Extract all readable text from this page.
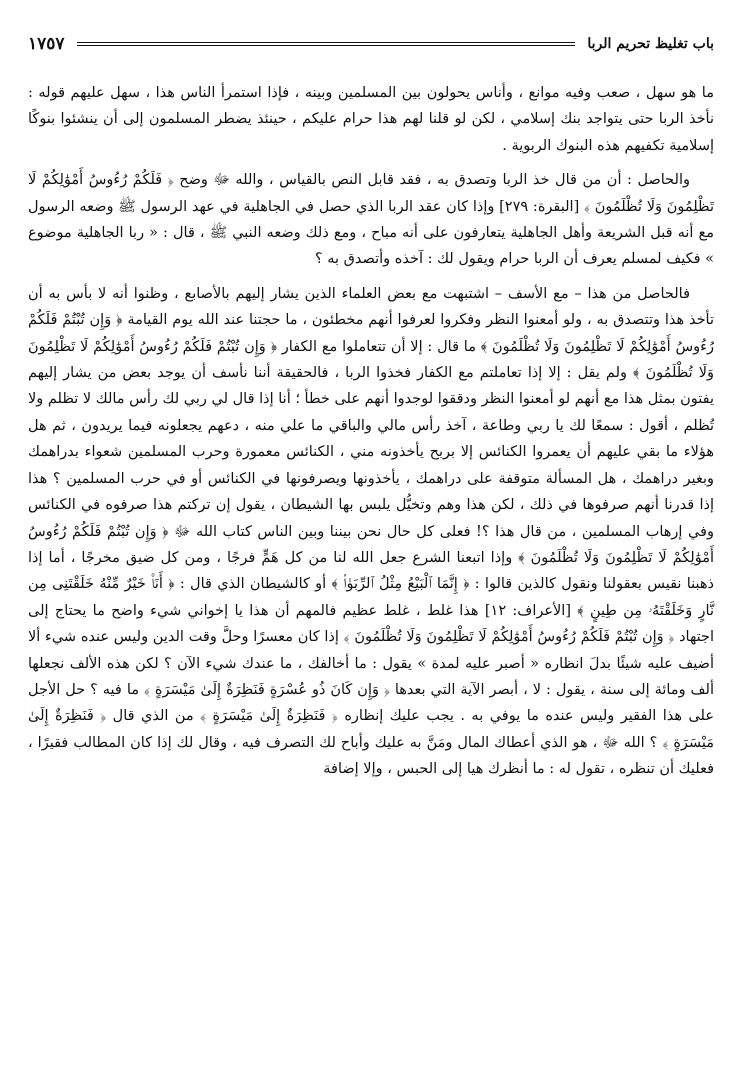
باب تغليظ تحريم الربا
١٧٥٧

ما هو سهل ، صعب وفيه موانع ، وأناس يحولون بين المسلمين وبينه ، فإذا استمرأ الناس هذا ، سهل عليهم قوله : نأخذ الربا حتى يتواجد بنك إسلامي ، لكن لو قلنا لهم هذا حرام عليكم ، حينئذ يضطر المسلمون إلى أن ينشئوا بنوكًا إسلامية تكفيهم هذه البنوك الربوية .

والحاصل : أن من قال خذ الربا وتصدق به ، فقد قابل النص بالقياس ، والله ﷻ وضح ﴿ فَلَكُمْ رُءُوسُ أَمْوَٰلِكُمْ لَا تَظْلِمُونَ وَلَا تُظْلَمُونَ ﴾ [البقرة: ٢٧٩] وإذا كان عقد الربا الذي حصل في الجاهلية في عهد الرسول ﷺ وضعه الرسول مع أنه قبل الشريعة وأهل الجاهلية يتعارفون على أنه مباح ، ومع ذلك وضعه النبي ﷺ ، قال : « ربا الجاهلية موضوع » فكيف لمسلم يعرف أن الربا حرام ويقول لك : آخذه وأتصدق به ؟

فالحاصل من هذا – مع الأسف – اشتبهت مع بعض العلماء الذين يشار إليهم بالأصابع ، وظنوا أنه لا بأس به أن تأخذ هذا وتتصدق به ، ولو أمعنوا النظر وفكروا لعرفوا أنهم مخطئون ، ما حجتنا عند الله يوم القيامة ﴿ وَإِن تُبْتُمْ فَلَكُمْ رُءُوسُ أَمْوَٰلِكُمْ لَا تَظْلِمُونَ وَلَا تُظْلَمُونَ ﴾ ما قال : إلا أن تتعاملوا مع الكفار ﴿ وَإِن تُبْتُمْ فَلَكُمْ رُءُوسُ أَمْوَٰلِكُمْ لَا تَظْلِمُونَ وَلَا تُظْلَمُونَ ﴾ ولم يقل : إلا إذا تعاملتم مع الكفار فخذوا الربا ، فالحقيقة أننا نأسف أن يوجد بعض من يشار إليهم يفتون بمثل هذا مع أنهم لو أمعنوا النظر ودققوا لوجدوا أنهم على خطأ ؛ أنا إذا قال لي ربي لك رأس مالك لا تظلم ولا تُظلم ، أقول : سمعًا لك يا ربي وطاعة ، آخذ رأس مالي والباقي ما علي منه ، دعهم يجعلونه فيما يريدون ، ثم هل هؤلاء ما بقي عليهم أن يعمروا الكنائس إلا بربح يأخذونه مني ، الكنائس معمورة وحرب المسلمين شعواء بدراهمك وبغير دراهمك ، هل المسألة متوقفة على دراهمك ، يأخذونها ويصرفونها في الكنائس أو في حرب المسلمين ؟ هذا إذا قدرنا أنهم صرفوها في ذلك ، لكن هذا وهم وتخيُّل يلبس بها الشيطان ، يقول إن تركتم هذا صرفوه في الكنائس وفي إرهاب المسلمين ، من قال هذا ؟! فعلى كل حال نحن بيننا وبين الناس كتاب الله ﷻ ﴿ وَإِن تُبْتُمْ فَلَكُمْ رُءُوسُ أَمْوَٰلِكُمْ لَا تَظْلِمُونَ وَلَا تُظْلَمُونَ ﴾ وإذا اتبعنا الشرع جعل الله لنا من كل هَمٍّ فرجًا ، ومن كل ضيق مخرجًا ، أما إذا ذهبنا نقيس بعقولنا ونقول كالذين قالوا : ﴿ إِنَّمَا ٱلْبَيْعُ مِثْلُ ٱلرِّبَوٰا۟ ﴾ أو كالشيطان الذي قال : ﴿ أَنَا۠ خَيْرٌ مِّنْهُ خَلَقْتَنِى مِن نَّارٍ وَخَلَقْتَهُۥ مِن طِينٍ ﴾ [الأعراف: ١٢] هذا غلط ، غلط عظيم فالمهم أن هذا يا إخواني شيء واضح ما يحتاج إلى اجتهاد ﴿ وَإِن تُبْتُمْ فَلَكُمْ رُءُوسُ أَمْوَٰلِكُمْ لَا تَظْلِمُونَ وَلَا تُظْلَمُونَ ﴾ إذا كان معسرًا وحلَّ وقت الدين وليس عنده شيء ألا أضيف عليه شيئًا بدلَ انظاره « أصبر عليه لمدة » يقول : ما أخالفك ، ما عندك شيء الآن ؟ لكن هذه الألف نجعلها ألف ومائة إلى سنة ، يقول : لا ، أبصر الآية التي بعدها ﴿ وَإِن كَانَ ذُو عُسْرَةٍ فَنَظِرَةٌ إِلَىٰ مَيْسَرَةٍ ﴾ ما فيه ؟ حل الأجل على هذا الفقير وليس عنده ما يوفي به . يجب عليك إنظاره ﴿ فَنَظِرَةٌ إِلَىٰ مَيْسَرَةٍ ﴾ من الذي قال ﴿ فَنَظِرَةٌ إِلَىٰ مَيْسَرَةٍ ﴾ ؟ الله ﷻ ، هو الذي أعطاك المال ومَنَّ به عليك وأباح لك التصرف فيه ، وقال لك إذا كان المطالب فقيرًا ، فعليك أن تنظره ، تقول له : ما أنظرك هيا إلى الحبس ، وإلا إضافة
